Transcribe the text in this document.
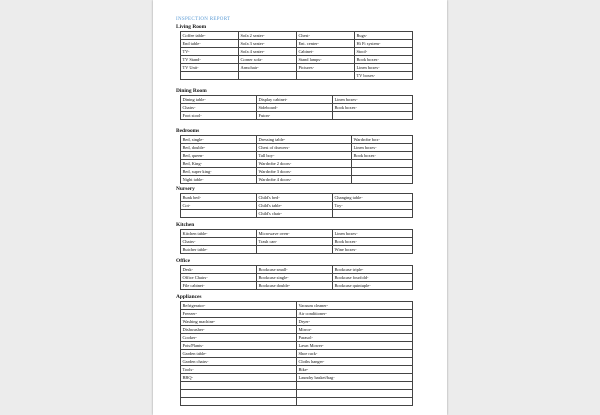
INSPECTION REPORT
Living Room
Coffee table-	Sofa 2 seater-	Chest-	Rugs-
End table-	Sofa 3 seater-	Ent. center-	Hi Fi system-
TV-	Sofa 4 seater-	Cabinet-	Stool-
TV Stand-	Corner sofa-	Stand lamps-	Book boxes-
TV Unit-	Armchair-	Pictures-	Linen boxes-
			TV boxes-
Dining Room
Dining table-	Display cabinet-	Linen boxes-
Chairs-	Sideboard-	Book boxes-
Foot stool-	Futon-	
Bedrooms
Bed, single-	Dressing table-	Wardrobe box-
Bed, double-	Chest of drawers-	Linen boxes-
Bed, queen-	Tall boy-	Book boxes-
Bed, King-	Wardrobe 2 doors-	
Bed, super king-	Wardrobe 3 doors-	
Night table-	Wardrobe 4 doors-	
Nursery
Bunk bed-	Child's bed-	Changing table-
Cot-	Child's table-	Toy-
	Child's chair-	
Kitchen
Kitchen table-	Microwave oven-	Linen boxes-
Chairs-	Trash can-	Book boxes-
Butcher table-		Wine boxes-
Office
Desk-	Bookcase small-	Bookcase triple-
Office Chairs-	Bookcase single-	Bookcase fourfold-
File cabinet-	Bookcase double-	Bookcase quintuple-
Appliances
Refrigerator-	Vacuum cleaner-
Freezer-	Air conditioner-
Washing machine-	Dryer-
Dishwasher-	Mirror-
Cooker-	Parasol-
Pots/Plants-	Lawn Mower-
Garden table-	Shoe rack-
Garden chairs-	Cloths hanger-
Tools-	Bike-
BBQ-	Laundry basket/bag-
